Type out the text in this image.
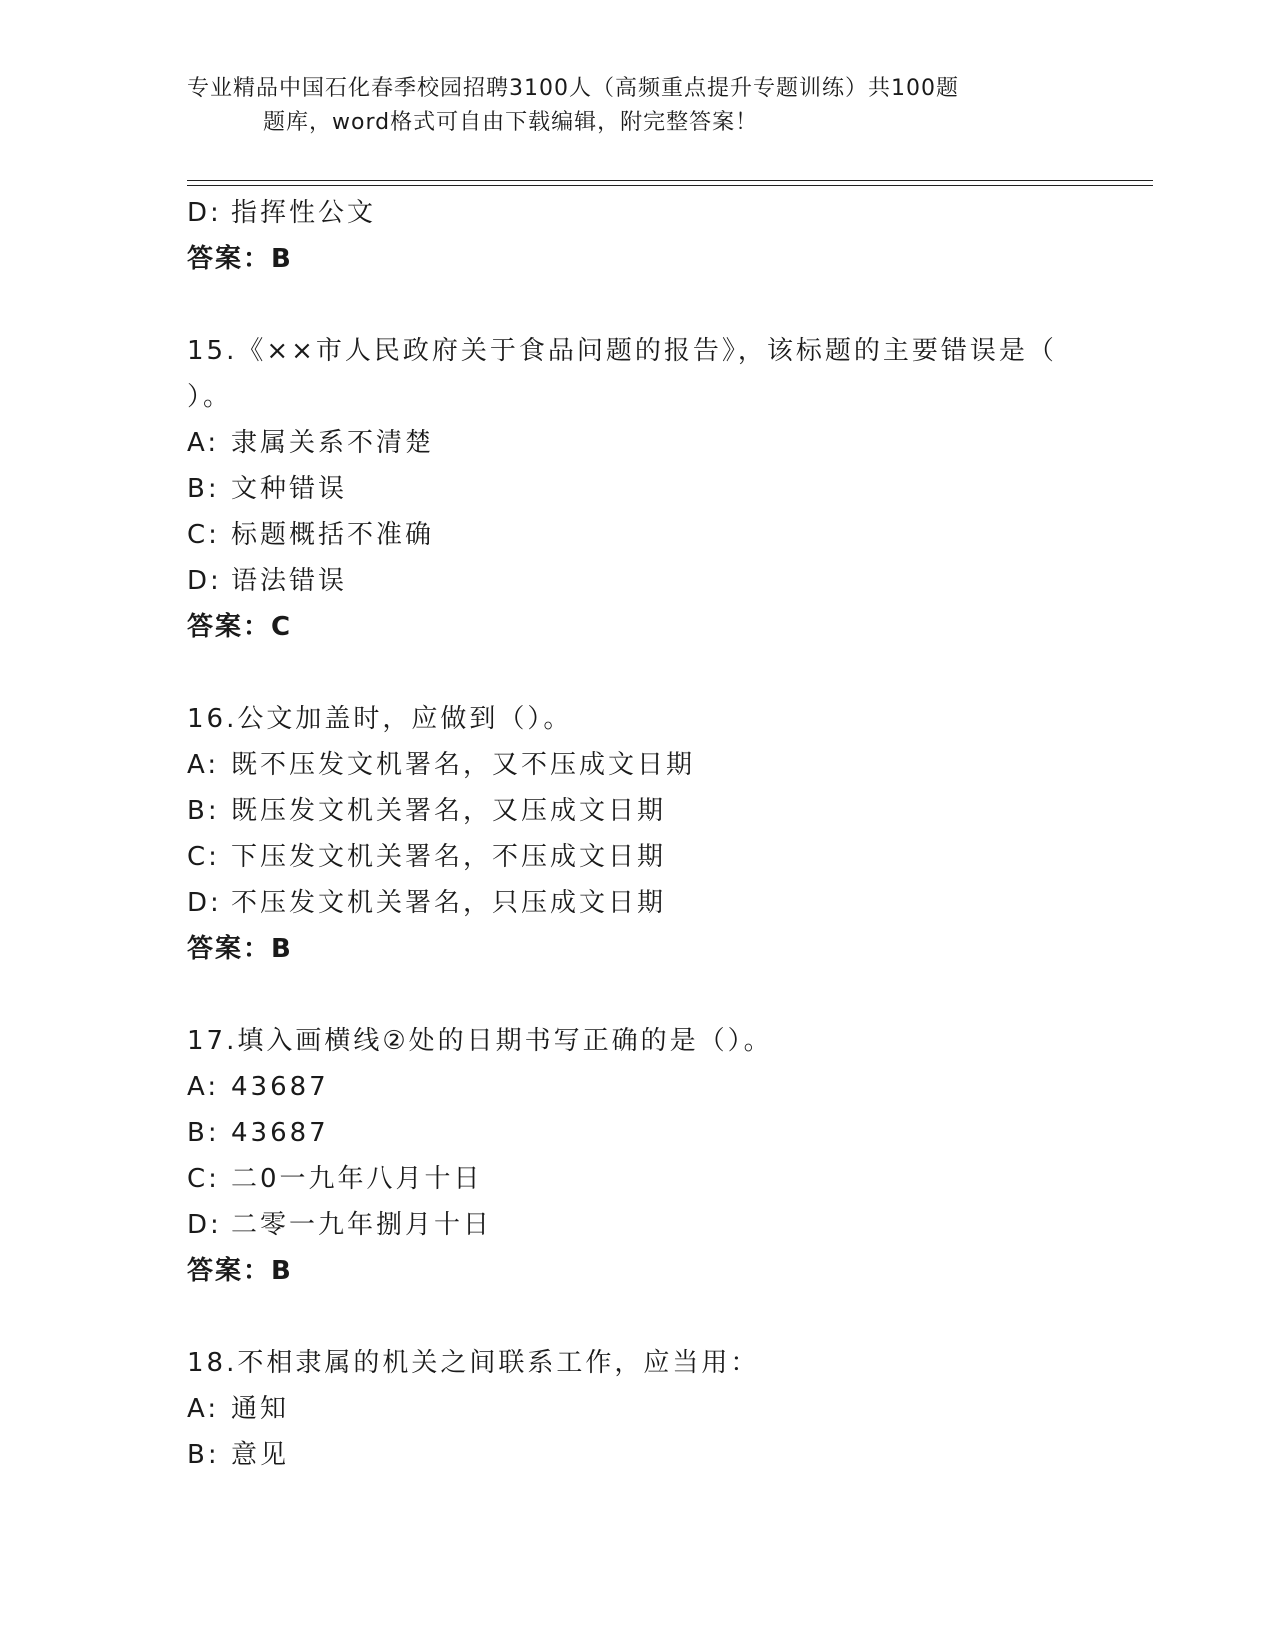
专业精品中国石化春季校园招聘3100人（高频重点提升专题训练）共100题
题库，word格式可自由下载编辑，附完整答案！
D: 指挥性公文
答案：B
15.《××市人民政府关于食品问题的报告》，该标题的主要错误是（
）。
A: 隶属关系不清楚
B: 文种错误
C: 标题概括不准确
D: 语法错误
答案：C
16.公文加盖时，应做到（）。
A: 既不压发文机署名，又不压成文日期
B: 既压发文机关署名，又压成文日期
C: 下压发文机关署名，不压成文日期
D: 不压发文机关署名，只压成文日期
答案：B
17.填入画横线②处的日期书写正确的是（）。
A: 43687
B: 43687
C: 二0一九年八月十日
D: 二零一九年捌月十日
答案：B
18.不相隶属的机关之间联系工作，应当用：
A: 通知
B: 意见
